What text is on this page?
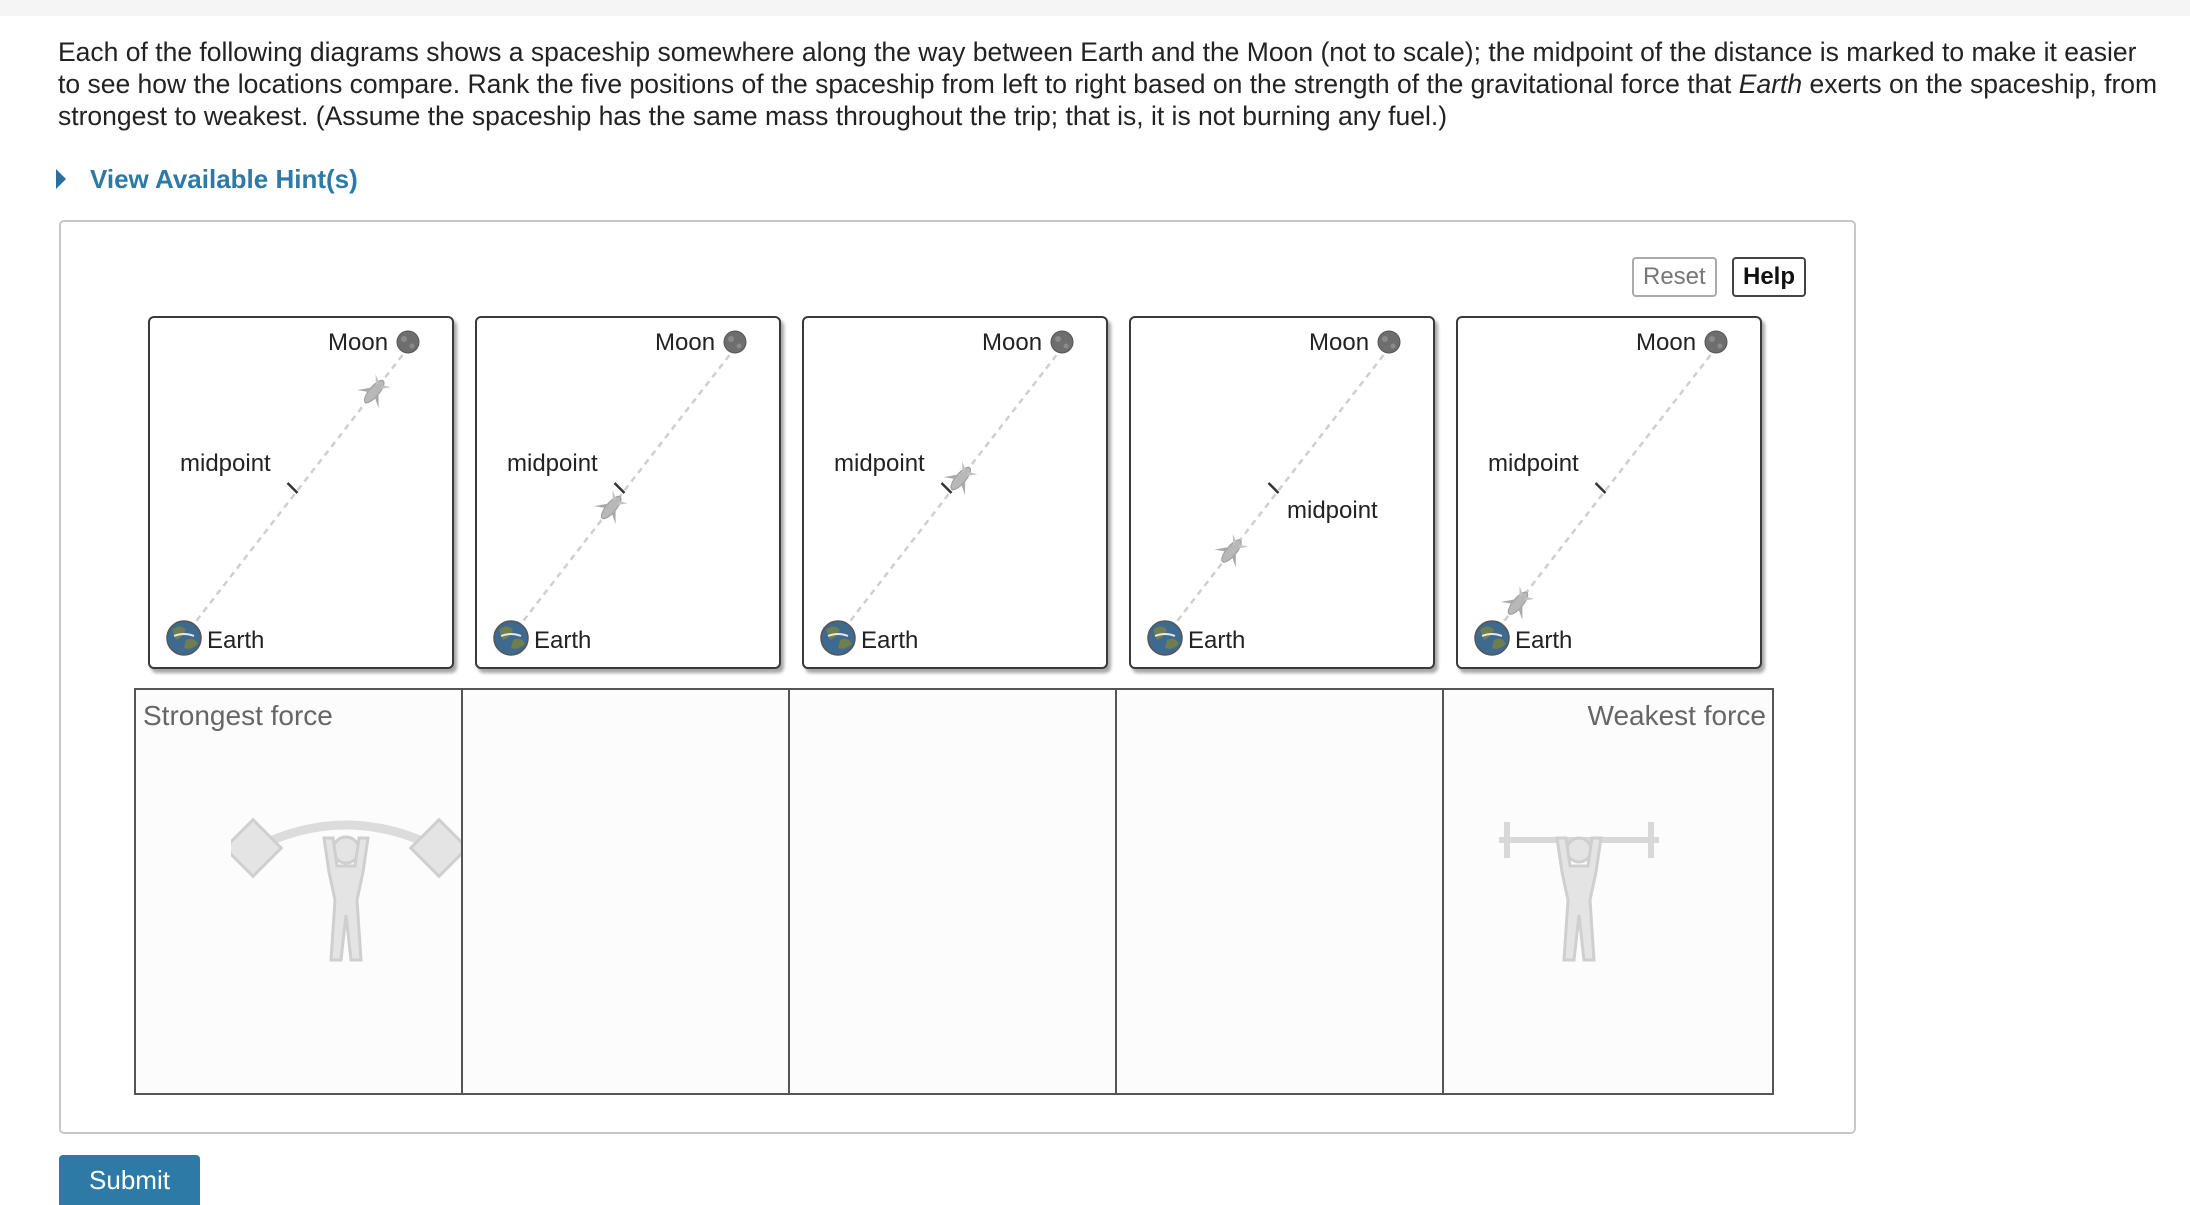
Each of the following diagrams shows a spaceship somewhere along the way between Earth and the Moon (not to scale); the midpoint of the distance is marked to make it easier to see how the locations compare. Rank the five positions of the spaceship from left to right based on the strength of the gravitational force that Earth exerts on the spaceship, from strongest to weakest. (Assume the spaceship has the same mass throughout the trip; that is, it is not burning any fuel.)
View Available Hint(s)
Reset	Help
Earth
Moon
midpoint
Earth
Moon
midpoint
Earth
Moon
midpoint
Earth
Moon
midpoint
Earth
Moon
midpoint
Strongest force	Weakest force
Submit
